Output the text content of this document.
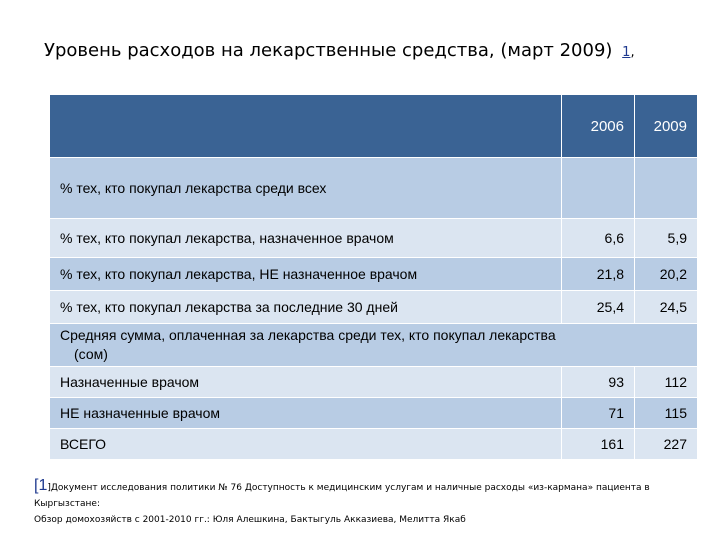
Уровень расходов на лекарственные средства, (март 2009) 1,
	2006	2009
% тех, кто покупал лекарства среди всех		
% тех, кто покупал лекарства, назначенное врачом	6,6	5,9
% тех, кто покупал лекарства, НЕ назначенное врачом	21,8	20,2
% тех, кто покупал лекарства за последние 30 дней	25,4	24,5
Средняя сумма, оплаченная за лекарства среди тех, кто покупал лекарства
(сом)		
Назначенные врачом	93	112
НЕ назначенные врачом	71	115
ВСЕГО	161	227
[1]Документ исследования политики № 76 Доступность к медицинским услугам и наличные расходы «из-кармана» пациента в Кыргызстане:
Обзор домохозяйств с 2001-2010 гг.: Юля Алешкина, Бактыгуль Акказиева, Мелитта Якаб
